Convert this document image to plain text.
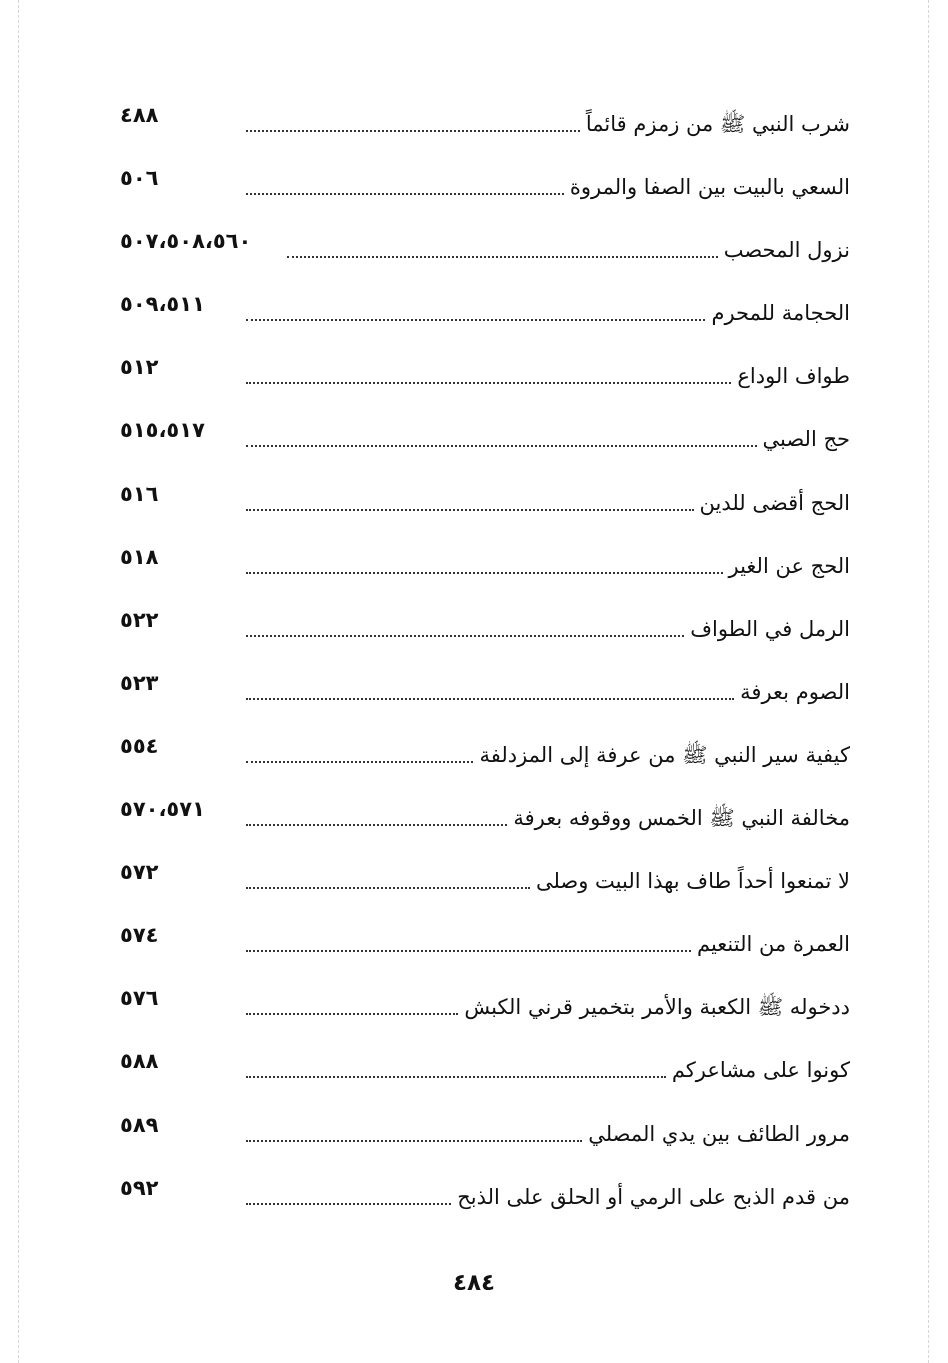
شرب النبي ﷺ من زمزم قائماً
٤٨٨
السعي بالبيت بين الصفا والمروة
٥٠٦
نزول المحصب
٥٠٧،٥٠٨،٥٦٠
الحجامة للمحرم
٥٠٩،٥١١
طواف الوداع
٥١٢
حج الصبي
٥١٥،٥١٧
الحج أقضى للدين
٥١٦
الحج عن الغير
٥١٨
الرمل في الطواف
٥٢٢
الصوم بعرفة
٥٢٣
كيفية سير النبي ﷺ من عرفة إلى المزدلفة
٥٥٤
مخالفة النبي ﷺ الخمس ووقوفه بعرفة
٥٧٠،٥٧١
لا تمنعوا أحداً طاف بهذا البيت وصلى
٥٧٢
العمرة من التنعيم
٥٧٤
ددخوله ﷺ الكعبة والأمر بتخمير قرني الكبش
٥٧٦
كونوا على مشاعركم
٥٨٨
مرور الطائف بين يدي المصلي
٥٨٩
من قدم الذبح على الرمي أو الحلق على الذبح
٥٩٢
٤٨٤
